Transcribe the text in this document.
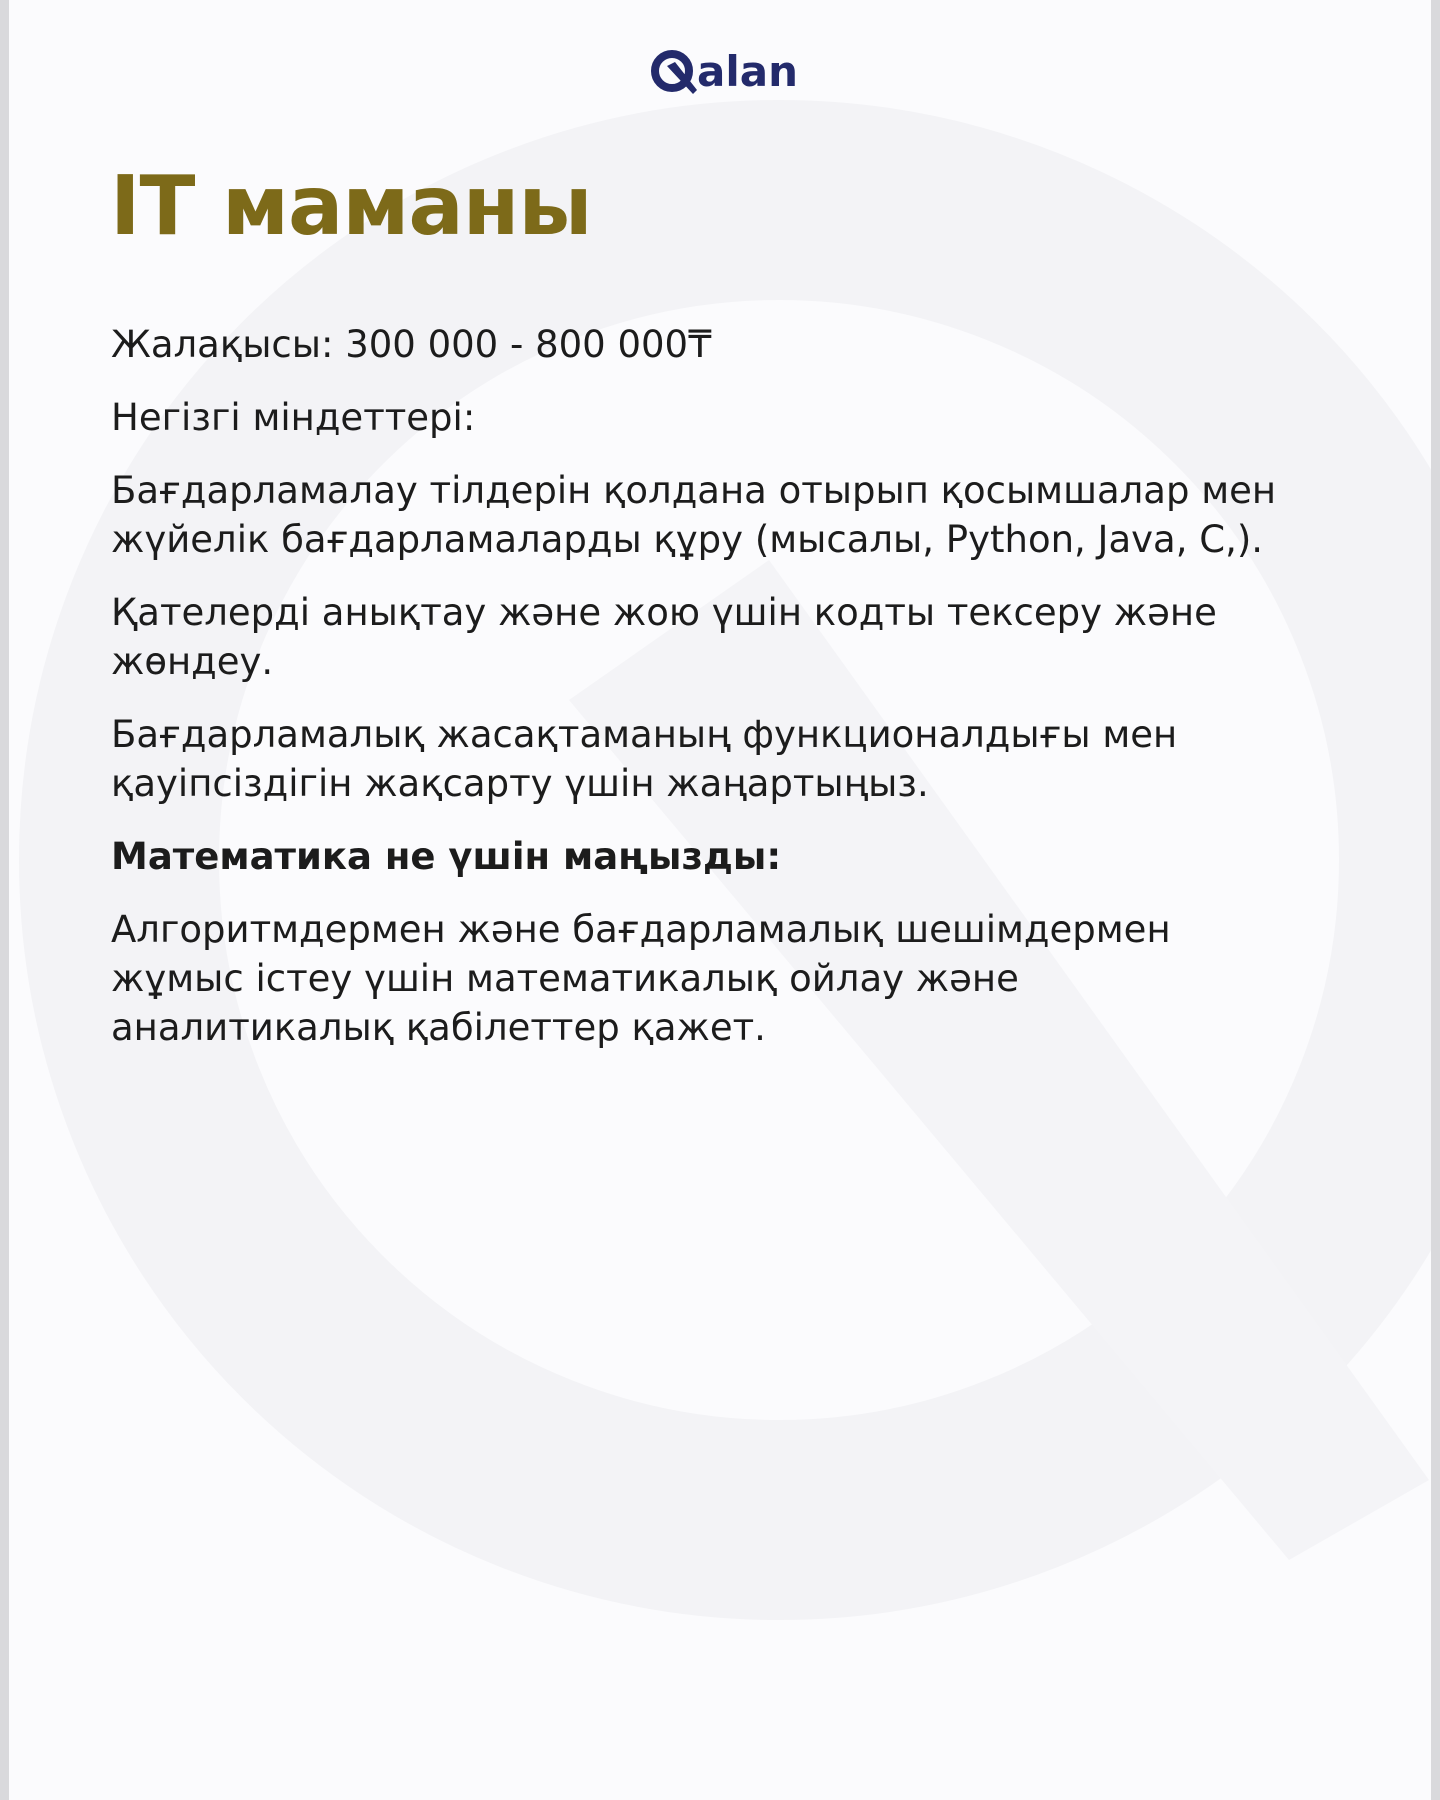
alan
IT маманы

Жалақысы: 300 000 - 800 000₸

Негізгі міндеттері:

Бағдарламалау тілдерін қолдана отырып қосымшалар мен жүйелік бағдарламаларды құру (мысалы, Python, Java, C,).

Қателерді анықтау және жою үшін кодты тексеру және жөндеу.

Бағдарламалық жасақтаманың функционалдығы мен қауіпсіздігін жақсарту үшін жаңартыңыз.

Математика не үшін маңызды:

Алгоритмдермен және бағдарламалық шешімдермен жұмыс істеу үшін математикалық ойлау және аналитикалық қабілеттер қажет.
